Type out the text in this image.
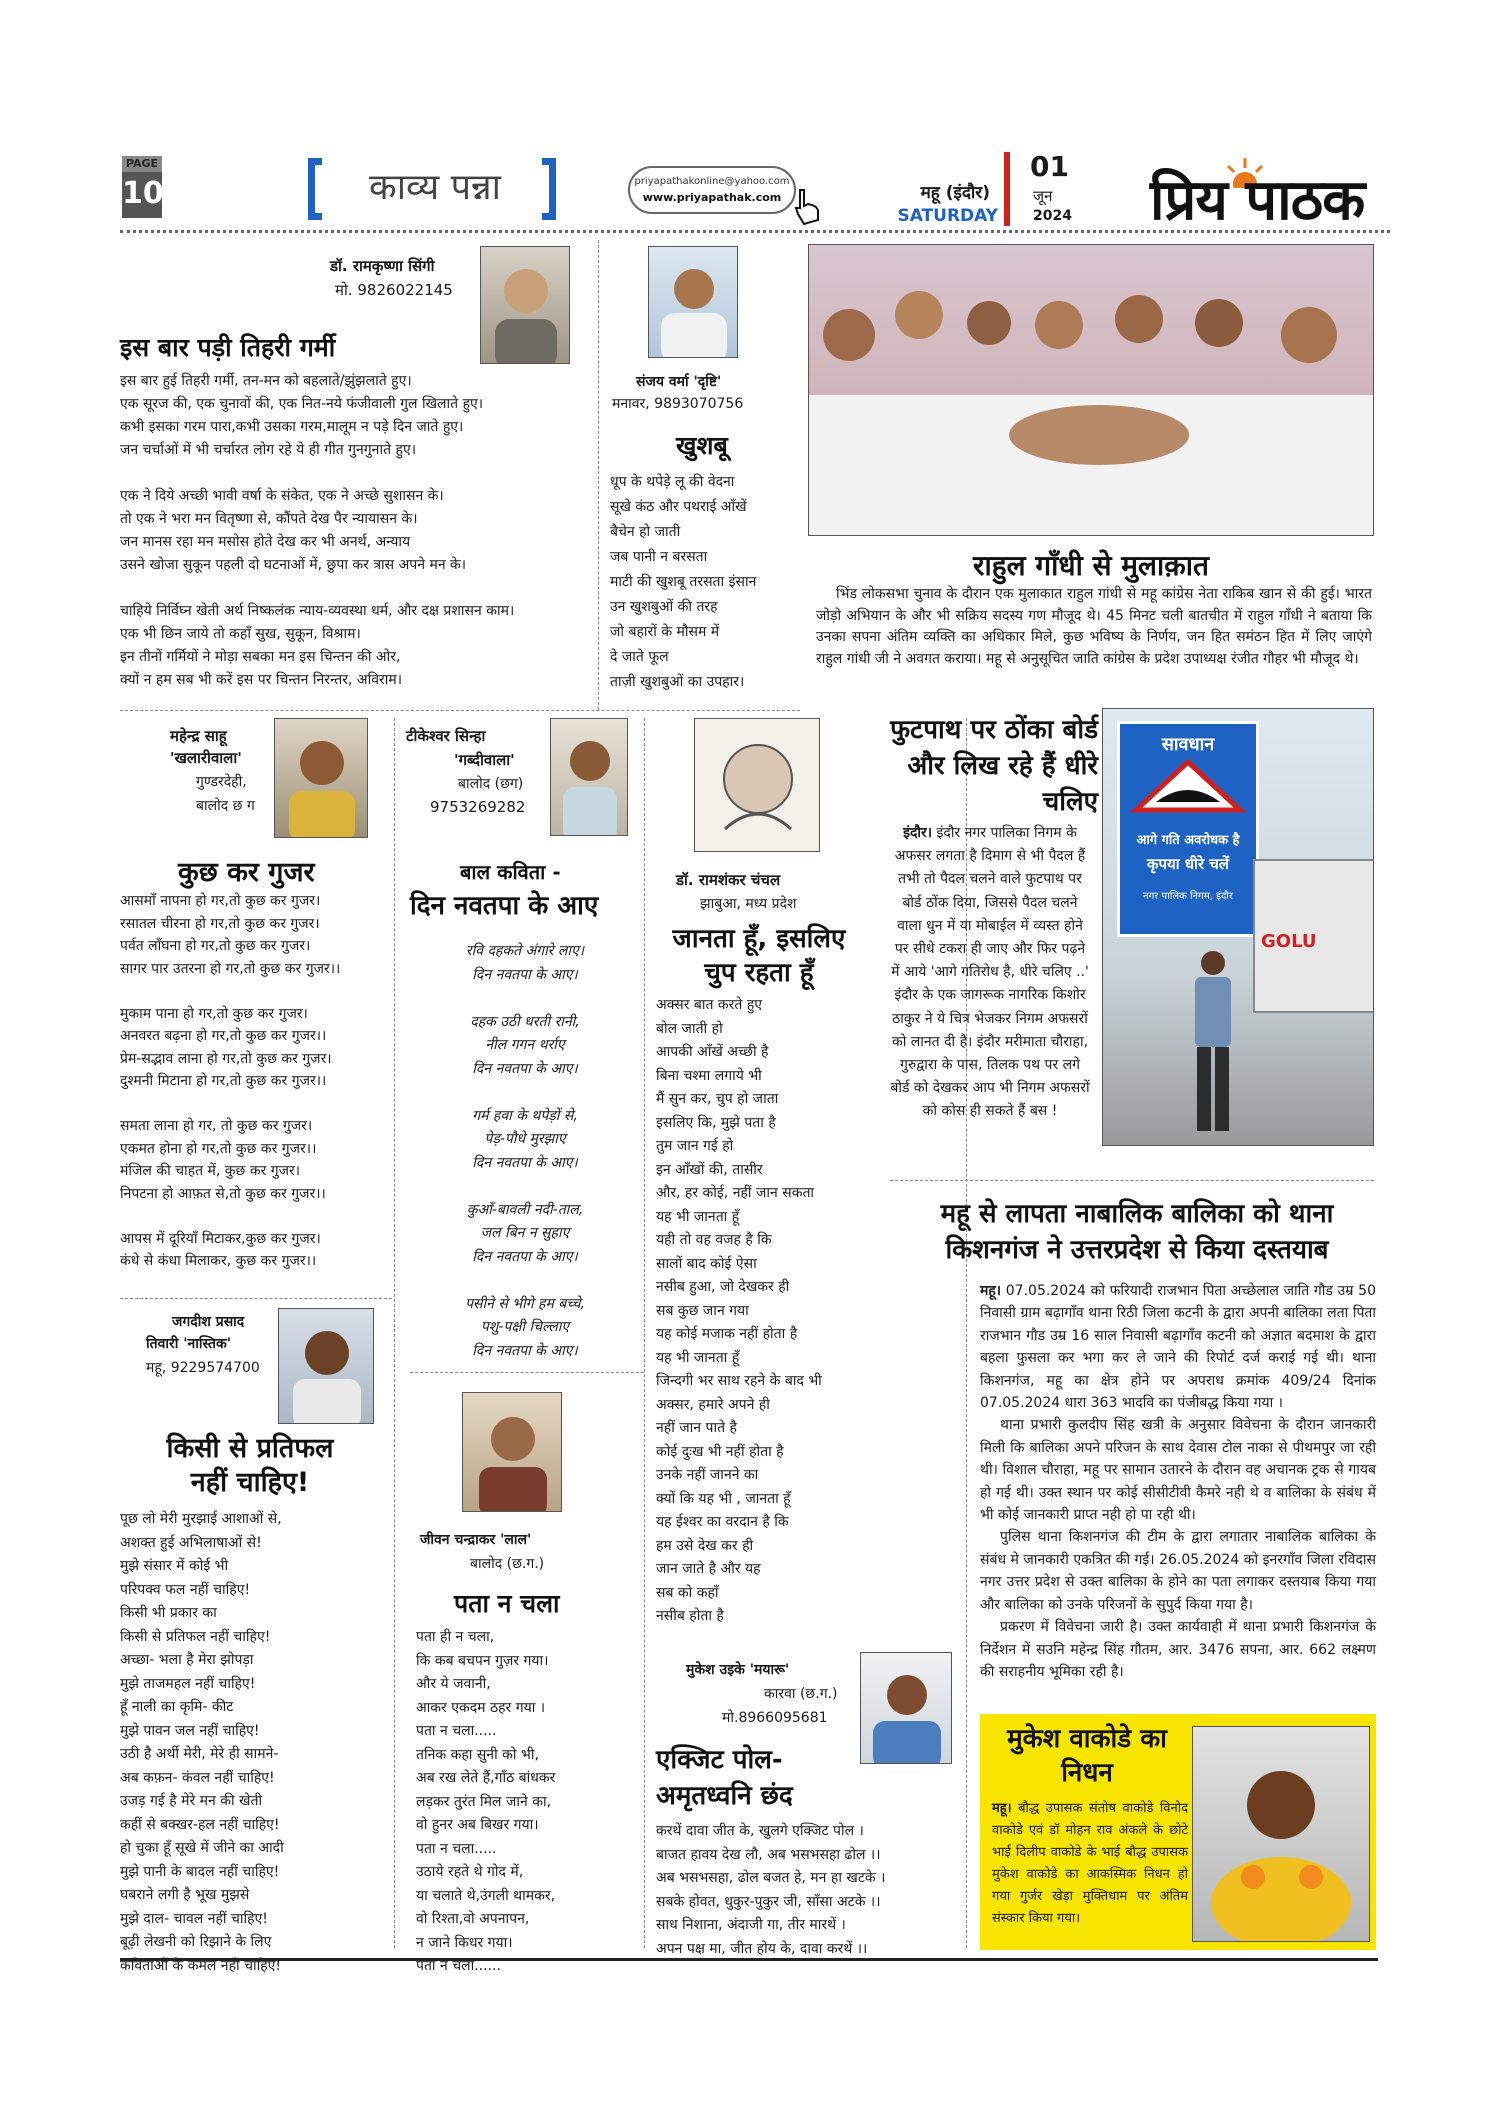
PAGE
10	काव्य पन्ना	priyapathakonline@yahoo.com
www.priyapathak.com	महू (इंदौर)
SATURDAY
01
जून
2024	प्रिय पाठक
डॉ. रामकृष्णा सिंगी
मो. 9826022145
इस बार पड़ी तिहरी गर्मी
इस बार हुई तिहरी गर्मी, तन-मन को बहलाते/झुंझलाते हुए।
एक सूरज की, एक चुनावों की, एक नित-नये फंजीवाली गुल खिलाते हुए।
कभी इसका गरम पारा,कभी उसका गरम,मालूम न पड़े दिन जाते हुए।
जन चर्चाओं में भी चर्चारत लोग रहे ये ही गीत गुनगुनाते हुए।

एक ने दिये अच्छी भावी वर्षा के संकेत, एक ने अच्छे सुशासन के।
तो एक ने भरा मन वितृष्णा से, कौंपते देख पैर न्यायासन के।
जन मानस रहा मन मसोस होते देख कर भी अनर्थ, अन्याय
उसने खोजा सुकून पहली दो घटनाओं में, छुपा कर त्रास अपने मन के।

चाहिये निर्विघ्न खेती अर्थ निष्कलंक न्याय-व्यवस्था धर्म, और दक्ष प्रशासन काम।
एक भी छिन जाये तो कहाँ सुख, सुकून, विश्राम।
इन तीनों गर्मियों ने मोड़ा सबका मन इस चिन्तन की ओर,
क्यों न हम सब भी करें इस पर चिन्तन निरन्तर, अविराम।
संजय वर्मा 'दृष्टि'
मनावर, 9893070756
खुशबू
धूप के थपेड़े लू की वेदना
सूखे कंठ और पथराई आँखें
बैचेन हो जाती
जब पानी न बरसता
माटी की खुशबू तरसता इंसान
उन खुशबुओं की तरह
जो बहारों के मौसम में
दे जाते फूल
ताज़ी खुशबुओं का उपहार।
राहुल गाँधी से मुलाक़ात
भिंड लोकसभा चुनाव के दौरान एक मुलाकात राहुल गांधी से महू कांग्रेस नेता राकिब खान से की हुई। भारत जोड़ो अभियान के और भी सक्रिय सदस्य गण मौजूद थे। 45 मिनट चली बातचीत में राहुल गाँधी ने बताया कि उनका सपना अंतिम व्यक्ति का अधिकार मिले, कुछ भविष्य के निर्णय, जन हित समंठन हित में लिए जाएंगे राहुल गांधी जी ने अवगत कराया। महू से अनुसूचित जाति कांग्रेस के प्रदेश उपाध्यक्ष रंजीत गौहर भी मौजूद थे।
महेन्द्र साहू
'खलारीवाला'
गुण्डरदेही,
बालोद छ ग
कुछ कर गुजर
आसमाँ नापना हो गर,तो कुछ कर गुजर।
रसातल चीरना हो गर,तो कुछ कर गुजर।
पर्वत लाँघना हो गर,तो कुछ कर गुजर।
सागर पार उतरना हो गर,तो कुछ कर गुजर।।

मुकाम पाना हो गर,तो कुछ कर गुजर।
अनवरत बढ़ना हो गर,तो कुछ कर गुजर।।
प्रेम-सद्भाव लाना हो गर,तो कुछ कर गुजर।
दुश्मनी मिटाना हो गर,तो कुछ कर गुजर।।

समता लाना हो गर, तो कुछ कर गुजर।
एकमत होना हो गर,तो कुछ कर गुजर।।
मंजिल की चाहत में, कुछ कर गुजर।
निपटना हो आफ़त से,तो कुछ कर गुजर।।

आपस में दूरियाँ मिटाकर,कुछ कर गुजर।
कंधे से कंधा मिलाकर, कुछ कर गुजर।।
जगदीश प्रसाद
तिवारी 'नास्तिक'
महू, 9229574700
किसी से प्रतिफल नहीं चाहिए!
पूछ लो मेरी मुरझाई आशाओं से,
अशक्त हुई अभिलाषाओं से!
मुझे संसार में कोई भी
परिपक्व फल नहीं चाहिए!
किसी भी प्रकार का
किसी से प्रतिफल नहीं चाहिए!
अच्छा- भला है मेरा झोपड़ा
मुझे ताजमहल नहीं चाहिए!
हूँ नाली का कृमि- कीट
मुझे पावन जल नहीं चाहिए!
उठी है अर्थी मेरी, मेरे ही सामने-
अब कफ़न- कंवल नहीं चाहिए!
उजड़ गई है मेरे मन की खेती
कहीं से बक्खर-हल नहीं चाहिए!
हो चुका हूँ सूखे में जीने का आदी
मुझे पानी के बादल नहीं चाहिए!
घबराने लगी है भूख मुझसे
मुझे दाल- चावल नहीं चाहिए!
बूढ़ी लेखनी को रिझाने के लिए
कविताओं के कमल नहीं चाहिए!
टीकेश्वर सिन्हा
'गब्दीवाला'
बालोद (छग)
9753269282
बाल कविता -
दिन नवतपा के आए
रवि दहकते अंगारे लाए।
दिन नवतपा के आए।

दहक उठी धरती रानी,
नील गगन थर्राए
दिन नवतपा के आए।

गर्म हवा के थपेड़ों से,
पेड़-पौधे मुरझाए
दिन नवतपा के आए।

कुआँ-बावली नदी-ताल,
जल बिन न सुहाए
दिन नवतपा के आए।

पसीने से भीगे हम बच्चे,
पशु-पक्षी चिल्लाए
दिन नवतपा के आए।
जीवन चन्द्राकर 'लाल'
बालोद (छ.ग.)
पता न चला
पता ही न चला,
कि कब बचपन गुज़र गया।
और ये जवानी,
आकर एकदम ठहर गया ।
पता न चला.....
तनिक कहा सुनी को भी,
अब रख लेते हैं,गाँठ बांधकर
लड़कर तुरंत मिल जाने का,
वो हुनर अब बिखर गया।
पता न चला.....
उठाये रहते थे गोद में,
या चलाते थे,उंगली थामकर,
वो रिश्ता,वो अपनापन,
न जाने किधर गया।
पता न चला......
डॉ. रामशंकर चंचल
झाबुआ, मध्य प्रदेश
जानता हूँ, इसलिए चुप रहता हूँ
अक्सर बात करते हुए
बोल जाती हो
आपकी आँखें अच्छी है
बिना चश्मा लगाये भी
मैं सुन कर, चुप हो जाता
इसलिए कि, मुझे पता है
तुम जान गई हो
इन आँखों की, तासीर
और, हर कोई, नहीं जान सकता
यह भी जानता हूँ
यही तो वह वजह है कि
सालों बाद कोई ऐसा
नसीब हुआ, जो देखकर ही
सब कुछ जान गया
यह कोई मजाक नहीं होता है
यह भी जानता हूँ
जिन्दगी भर साथ रहने के बाद भी
अक्सर, हमारे अपने ही
नहीं जान पाते है
कोई दुःख भी नहीं होता है
उनके नहीं जानने का
क्यों कि यह भी , जानता हूँ
यह ईश्वर का वरदान है कि
हम उसे देख कर ही
जान जाते है और यह
सब को कहाँ
नसीब होता है
मुकेश उइके 'मयारू'
कारवा (छ.ग.)
मो.8966095681
एक्जिट पोल- अमृतध्वनि छंद
करथें दावा जीत के, खुलगे एक्जिट पोल ।
बाजत हावय देख लौ, अब भसभसहा ढोल ।।
अब भसभसहा, ढोल बजत हे, मन हा खटके ।
सबके होवत, धुकुर-पुकुर जी, साँसा अटके ।।
साध निशाना, अंदाजी गा, तीर मारथें ।
अपन पक्ष मा, जीत होय के, दावा करथें ।।
फुटपाथ पर ठोंका बोर्ड और लिख रहे हैं धीरे चलिए
इंदौर। इंदौर नगर पालिका निगम के अफसर लगता है दिमाग से भी पैदल हैं तभी तो पैदल चलने वाले फुटपाथ पर बोर्ड ठोंक दिया, जिससे पैदल चलने वाला धुन में या मोबाईल में व्यस्त होने पर सीधे टकरा ही जाए और फिर पढ़ने में आये 'आगे गतिरोध है, धीरे चलिए ..' इंदौर के एक जागरूक नागरिक किशोर ठाकुर ने ये चित्र भेजकर निगम अफसरों को लानत दी है। इंदौर मरीमाता चौराहा, गुरुद्वारा के पास, तिलक पथ पर लगे बोर्ड को देखकर आप भी निगम अफसरों को कोस ही सकते हैं बस !
सावधान
आगे गति अवरोधक है
कृपया धीरे चलें
नगर पालिक निगम, इंदौर
GOLU
महू से लापता नाबालिक बालिका को थाना किशनगंज ने उत्तरप्रदेश से किया दस्तयाब
महू। 07.05.2024 को फरियादी राजभान पिता अच्छेलाल जाति गौड उम्र 50 निवासी ग्राम बढ़ागाँव थाना रिठी जिला कटनी के द्वारा अपनी बालिका लता पिता राजभान गौड उम्र 16 साल निवासी बढ़ागाँव कटनी को अज्ञात बदमाश के द्वारा बहला फुसला कर भगा कर ले जाने की रिपोर्ट दर्ज कराई गई थी। थाना किशनगंज, महू का क्षेत्र होने पर अपराध क्रमांक 409/24 दिनांक 07.05.2024 धारा 363 भादवि का पंजीबद्ध किया गया ।
थाना प्रभारी कुलदीप सिंह खत्री के अनुसार विवेचना के दौरान जानकारी मिली कि बालिका अपने परिजन के साथ देवास टोल नाका से पीथमपुर जा रही थी। विशाल चौराहा, महू पर सामान उतारने के दौरान वह अचानक ट्रक से गायब हो गई थी। उक्त स्थान पर कोई सीसीटीवी कैमरे नही थे व बालिका के संबंध में भी कोई जानकारी प्राप्त नही हो पा रही थी।
पुलिस थाना किशनगंज की टीम के द्वारा लगातार नाबालिक बालिका के संबंध मे जानकारी एकत्रित की गई। 26.05.2024 को इनरगाँव जिला रविदास नगर उत्तर प्रदेश से उक्त बालिका के होने का पता लगाकर दस्तयाब किया गया और बालिका को उनके परिजनों के सुपुर्द किया गया है।
प्रकरण में विवेचना जारी है। उक्त कार्यवाही में थाना प्रभारी किशनगंज के निर्देशन में सउनि महेन्द्र सिंह गौतम, आर. 3476 सपना, आर. 662 लक्ष्मण की सराहनीय भूमिका रही है।
मुकेश वाकोडे का निधन
महू। बौद्ध उपासक संतोष वाकोडे विनोद वाकोडे एवं डॉ मोहन राव अंकले के छोटे भाई दिलीप वाकोडे के भाई बौद्ध उपासक मुकेश वाकोडे का आकस्मिक निधन हो गया गुर्जर खेड़ा मुक्तिधाम पर अंतिम संस्कार किया गया।
